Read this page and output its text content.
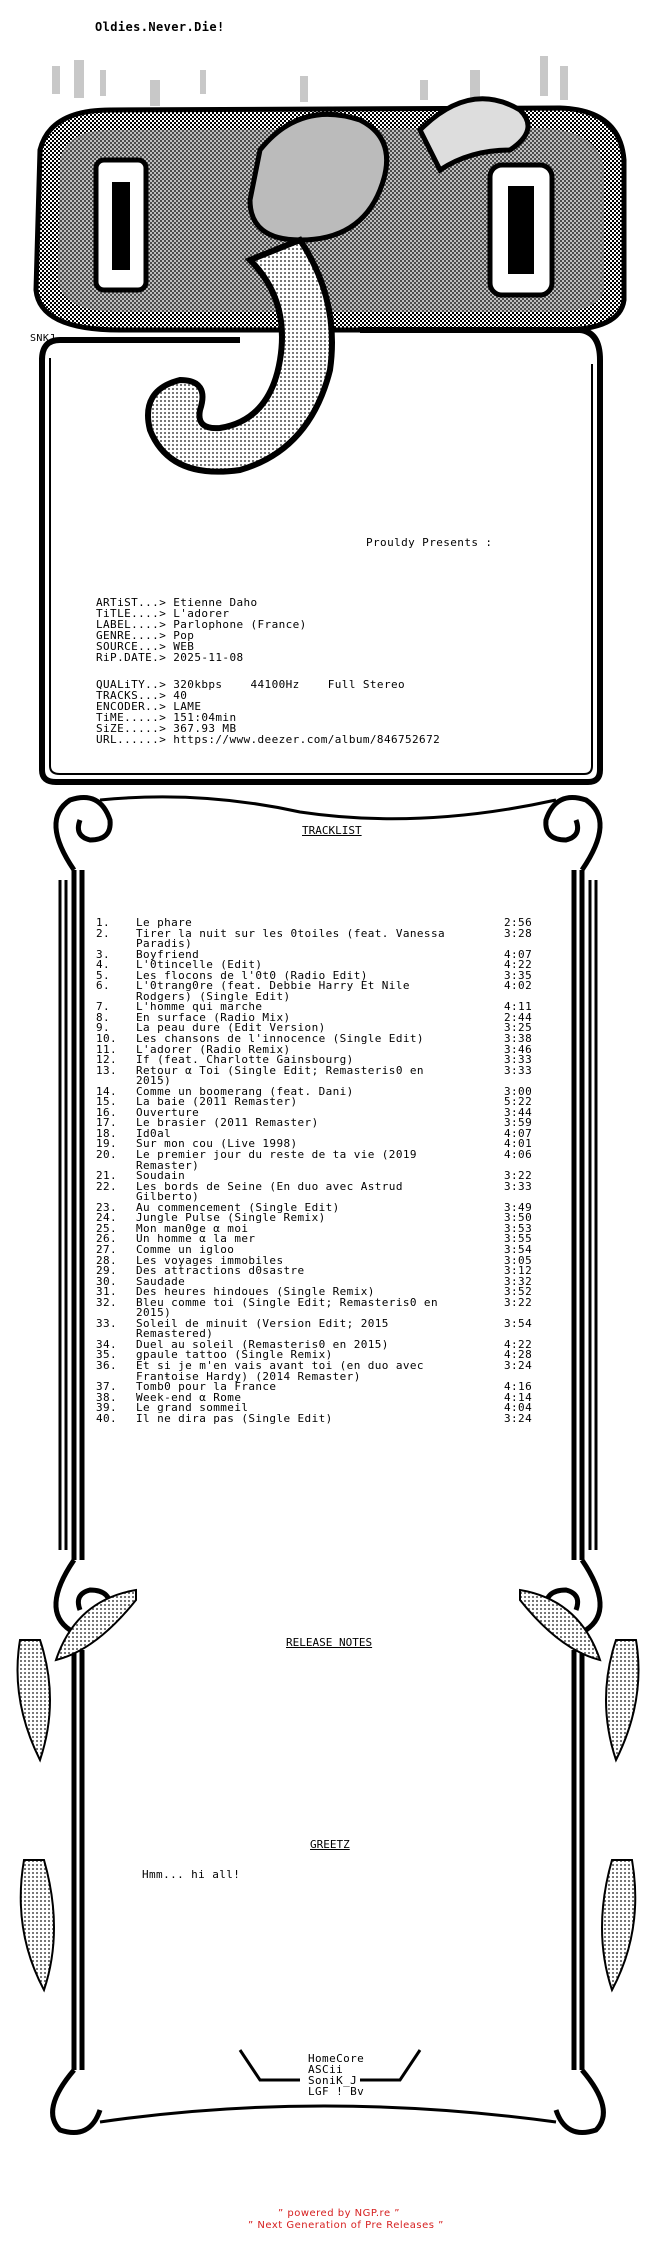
Oldies.Never.Die!
SNKJ
Prouldy Presents :
ARTiST...> Etienne Daho
TiTLE....> L'adorer
LABEL....> Parlophone (France)
GENRE....> Pop
SOURCE...> WEB
RiP.DATE.> 2025-11-08
QUALiTY..> 320kbps    44100Hz    Full Stereo
TRACKS...> 40
ENCODER..> LAME
TiME.....> 151:04min
SiZE.....> 367.93 MB
URL......> https://www.deezer.com/album/846752672
TRACKLIST
1. Le phare	2:56
2. Tirer la nuit sur les 0toiles (feat. Vanessa	3:28
Paradis)
3. Boyfriend	4:07
4. L'0tincelle (Edit)	4:22
5. Les flocons de l'0t0 (Radio Edit)	3:35
6. L'0trang0re (feat. Debbie Harry Et Nile	4:02
Rodgers) (Single Edit)
7. L'homme qui marche	4:11
8. En surface (Radio Mix)	2:44
9. La peau dure (Edit Version)	3:25
10. Les chansons de l'innocence (Single Edit)	3:38
11. L'adorer (Radio Remix)	3:46
12. If (feat. Charlotte Gainsbourg)	3:33
13. Retour α Toi (Single Edit; Remasteris0 en	3:33
2015)
14. Comme un boomerang (feat. Dani)	3:00
15. La baie (2011 Remaster)	5:22
16. Ouverture	3:44
17. Le brasier (2011 Remaster)	3:59
18. Id0al	4:07
19. Sur mon cou (Live 1998)	4:01
20. Le premier jour du reste de ta vie (2019	4:06
Remaster)
21. Soudain	3:22
22. Les bords de Seine (En duo avec Astrud	3:33
Gilberto)
23. Au commencement (Single Edit)	3:49
24. Jungle Pulse (Single Remix)	3:50
25. Mon man0ge α moi	3:53
26. Un homme α la mer	3:55
27. Comme un igloo	3:54
28. Les voyages immobiles	3:05
29. Des attractions d0sastre	3:12
30. Saudade	3:32
31. Des heures hindoues (Single Remix)	3:52
32. Bleu comme toi (Single Edit; Remasteris0 en	3:22
2015)
33. Soleil de minuit (Version Edit; 2015	3:54
Remastered)
34. Duel au soleil (Remasteris0 en 2015)	4:22
35. gpaule tattoo (Single Remix)	4:28
36. Et si je m'en vais avant toi (en duo avec	3:24
Franŧoise Hardy) (2014 Remaster)
37. Tomb0 pour la France	4:16
38. Week-end α Rome	4:14
39. Le grand sommeil	4:04
40. Il ne dira pas (Single Edit)	3:24
RELEASE NOTES
GREETZ
Hmm... hi all!
HomeCore
ASCii
SoniK_J
LGF ! Bv
” powered by NGP.re ”
” Next Generation of Pre Releases ”
